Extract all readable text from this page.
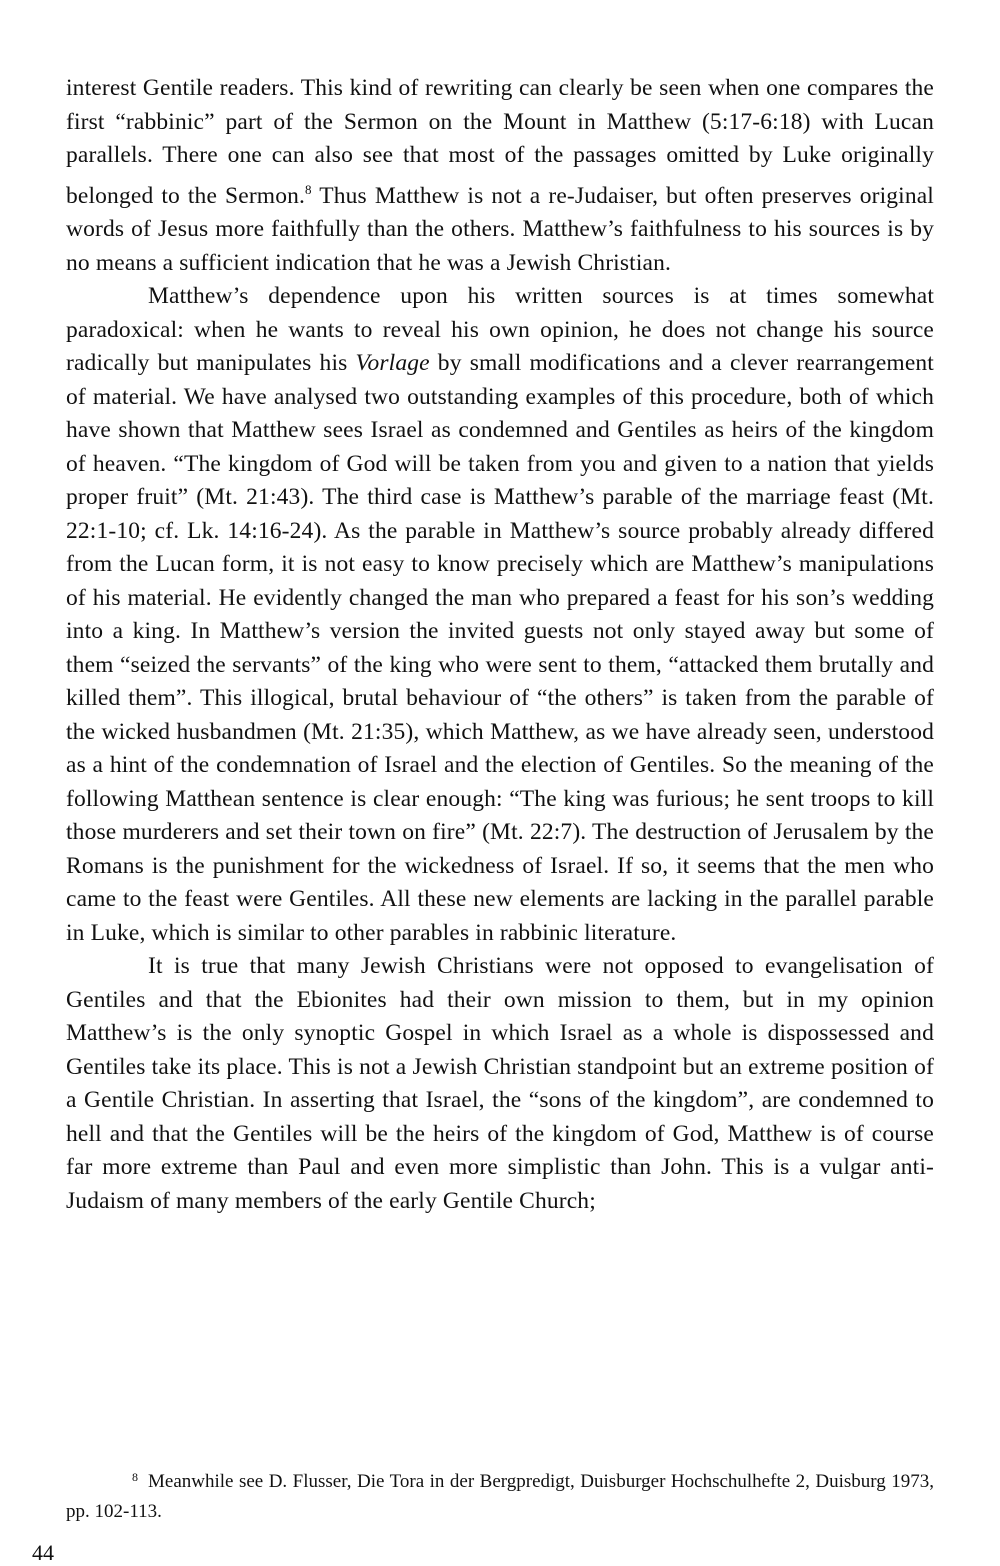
interest Gentile readers. This kind of rewriting can clearly be seen when one compares the first “rabbinic” part of the Sermon on the Mount in Matthew (5:17-6:18) with Lucan parallels. There one can also see that most of the passages omitted by Luke originally belonged to the Sermon.$^8$ Thus Matthew is not a re-Judaiser, but often preserves original words of Jesus more faithfully than the others. Matthew’s faithfulness to his sources is by no means a sufficient indication that he was a Jewish Christian.

Matthew’s dependence upon his written sources is at times somewhat paradoxical: when he wants to reveal his own opinion, he does not change his source radically but manipulates his Vorlage by small modifications and a clever rearrangement of material. We have analysed two outstanding examples of this procedure, both of which have shown that Matthew sees Israel as condemned and Gentiles as heirs of the kingdom of heaven. “The kingdom of God will be taken from you and given to a nation that yields proper fruit” (Mt. 21:43). The third case is Matthew’s parable of the marriage feast (Mt. 22:1-10; cf. Lk. 14:16-24). As the parable in Matthew’s source probably already differed from the Lucan form, it is not easy to know precisely which are Matthew’s manipulations of his material. He evidently changed the man who prepared a feast for his son’s wedding into a king. In Matthew’s version the invited guests not only stayed away but some of them “seized the servants” of the king who were sent to them, “attacked them brutally and killed them”. This illogical, brutal behaviour of “the others” is taken from the parable of the wicked husbandmen (Mt. 21:35), which Matthew, as we have already seen, understood as a hint of the condemnation of Israel and the election of Gentiles. So the meaning of the following Matthean sentence is clear enough: “The king was furious; he sent troops to kill those murderers and set their town on fire” (Mt. 22:7). The destruction of Jerusalem by the Romans is the punishment for the wickedness of Israel. If so, it seems that the men who came to the feast were Gentiles. All these new elements are lacking in the parallel parable in Luke, which is similar to other parables in rabbinic literature.

It is true that many Jewish Christians were not opposed to evangelisation of Gentiles and that the Ebionites had their own mission to them, but in my opinion Matthew’s is the only synoptic Gospel in which Israel as a whole is dispossessed and Gentiles take its place. This is not a Jewish Christian standpoint but an extreme position of a Gentile Christian. In asserting that Israel, the “sons of the kingdom”, are condemned to hell and that the Gentiles will be the heirs of the kingdom of God, Matthew is of course far more extreme than Paul and even more simplistic than John. This is a vulgar anti-Judaism of many members of the early Gentile Church;

$^8$ Meanwhile see D. Flusser, Die Tora in der Bergpredigt, Duisburger Hochschulhefte 2, Duisburg 1973, pp. 102-113.

44
